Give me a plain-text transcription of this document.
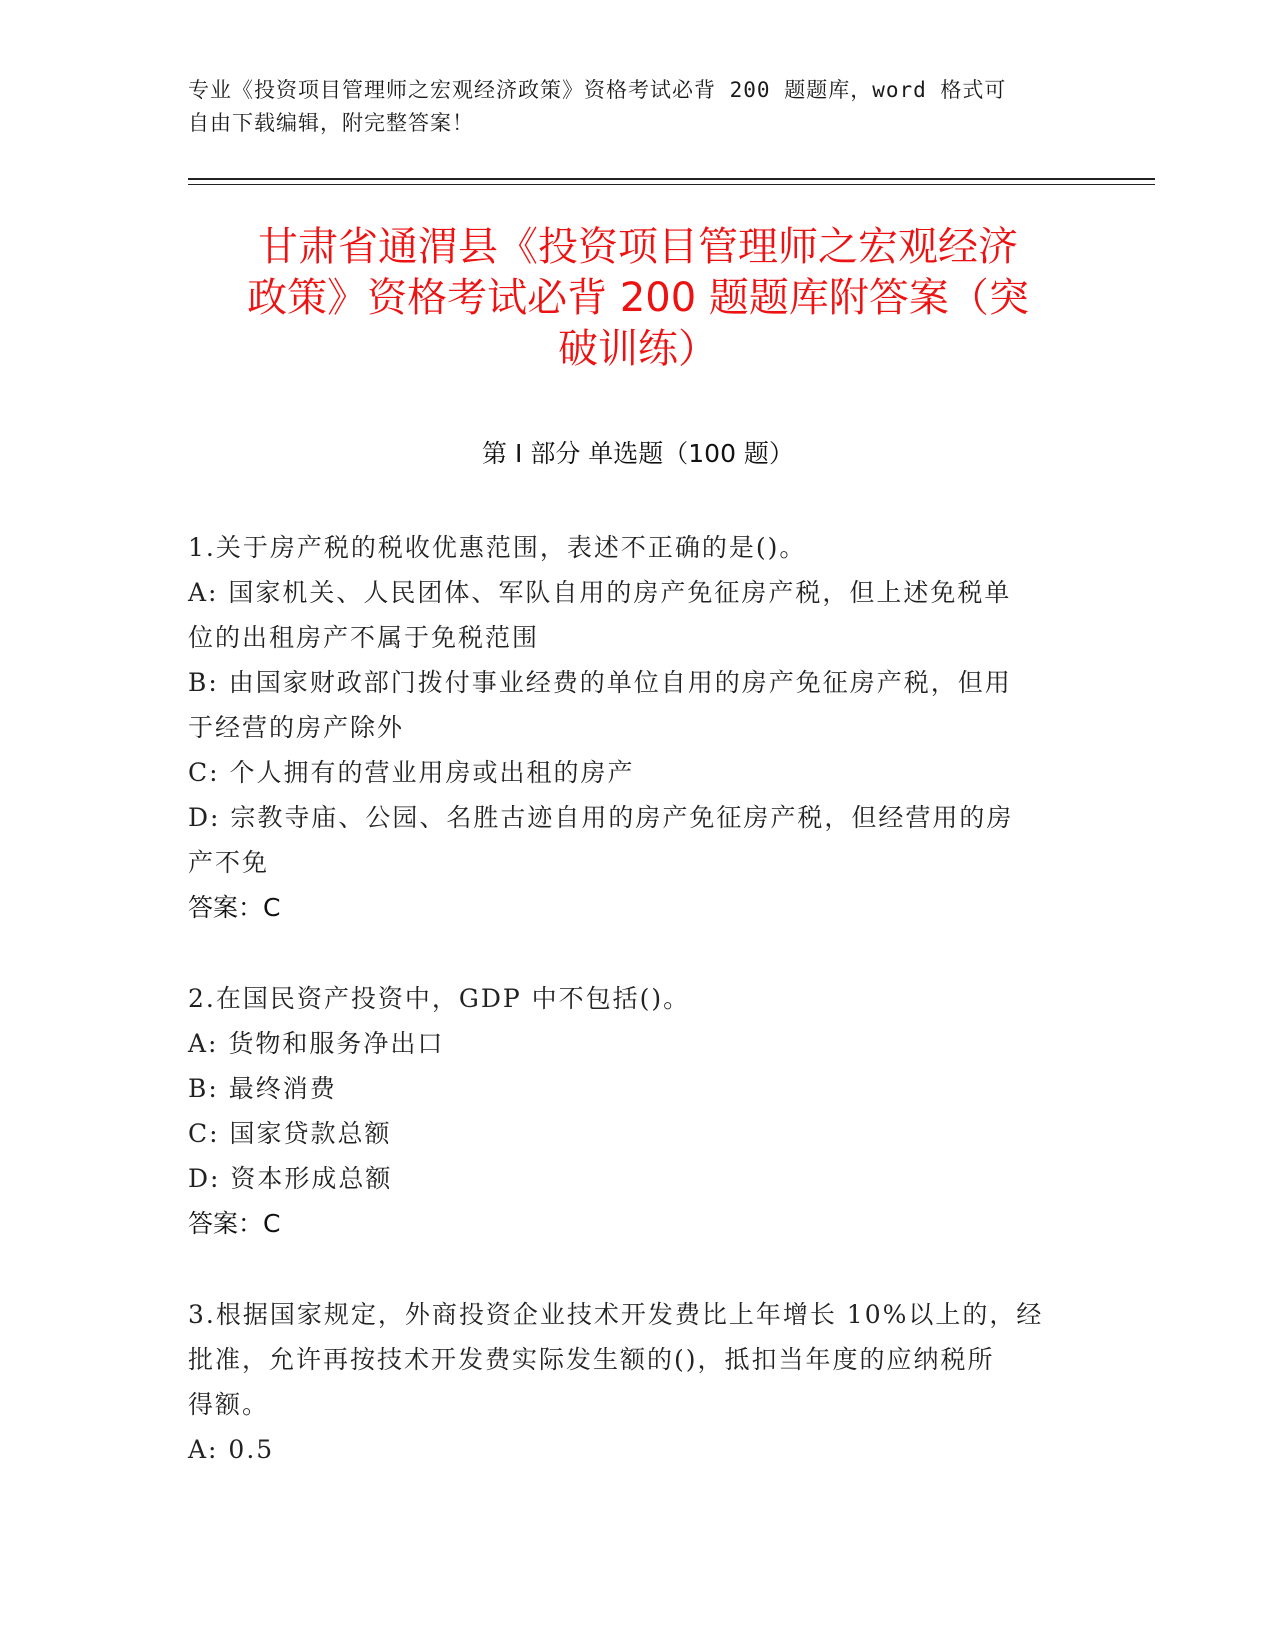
专业《投资项目管理师之宏观经济政策》资格考试必背 200 题题库，word 格式可
自由下载编辑，附完整答案！
甘肃省通渭县《投资项目管理师之宏观经济
政策》资格考试必背 200 题题库附答案（突
破训练）
第 I 部分 单选题（100 题）
1.关于房产税的税收优惠范围，表述不正确的是()。
A: 国家机关、人民团体、军队自用的房产免征房产税，但上述免税单
位的出租房产不属于免税范围
B: 由国家财政部门拨付事业经费的单位自用的房产免征房产税，但用
于经营的房产除外
C: 个人拥有的营业用房或出租的房产
D: 宗教寺庙、公园、名胜古迹自用的房产免征房产税，但经营用的房
产不免
答案：C
2.在国民资产投资中，GDP 中不包括()。
A: 货物和服务净出口
B: 最终消费
C: 国家贷款总额
D: 资本形成总额
答案：C
3.根据国家规定，外商投资企业技术开发费比上年增长 10%以上的，经
批准，允许再按技术开发费实际发生额的()，抵扣当年度的应纳税所
得额。
A: 0.5
